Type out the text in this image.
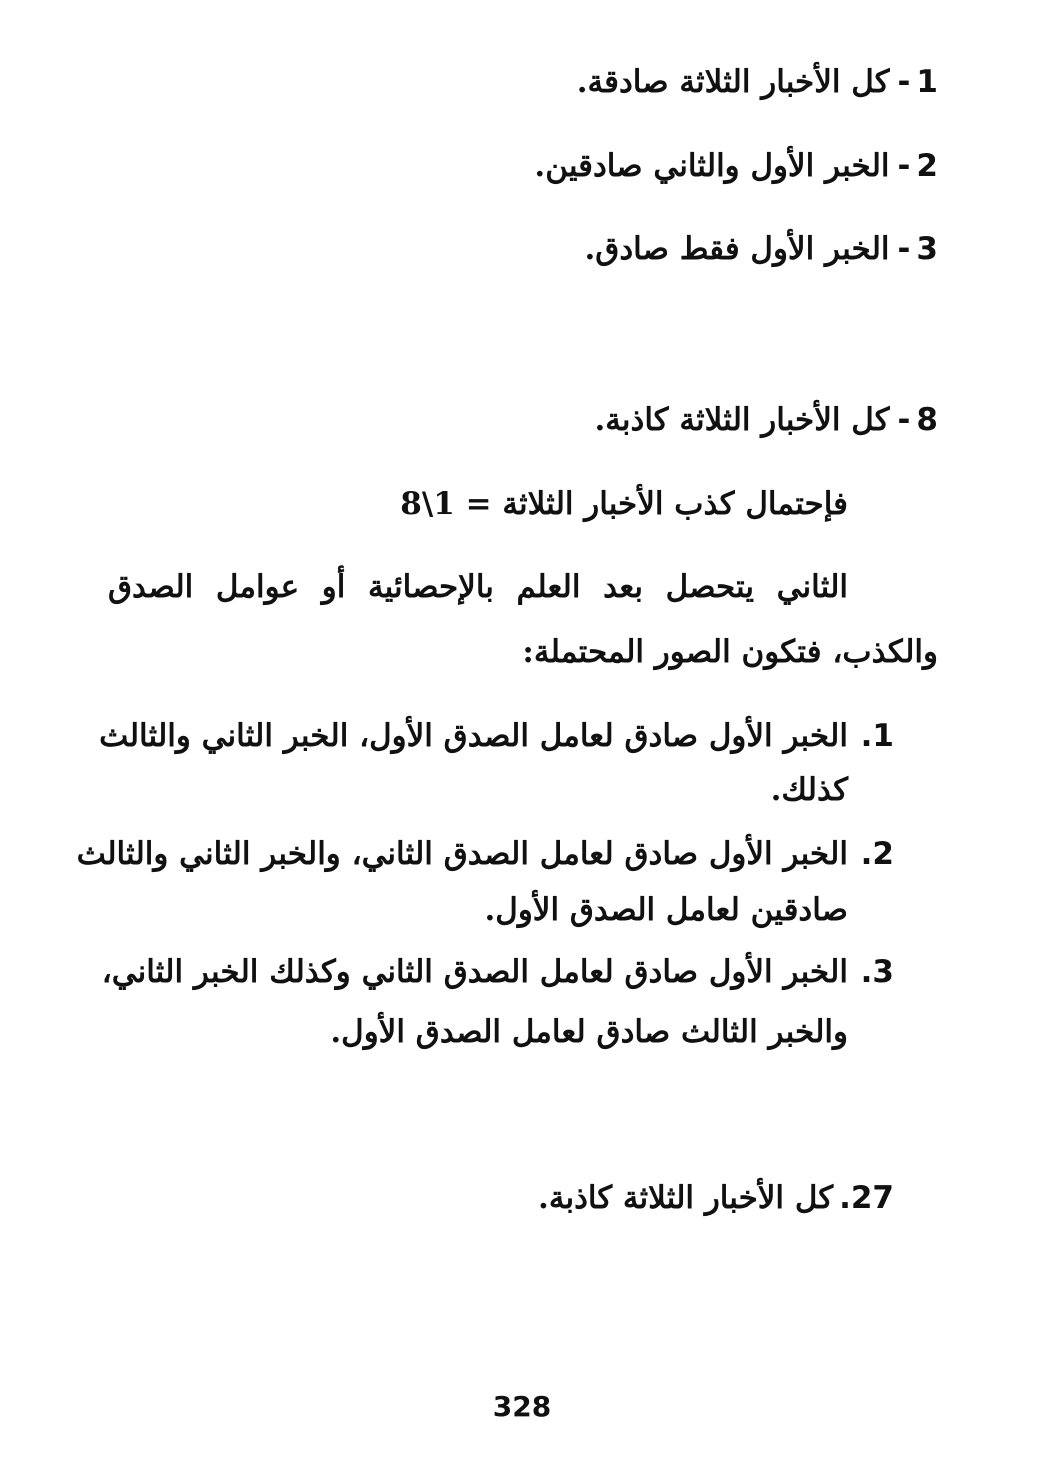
1-كل الأخبار الثلاثة صادقة.
2-الخبر الأول والثاني صادقين.
3-الخبر الأول فقط صادق.
8-كل الأخبار الثلاثة كاذبة.
فإحتمال كذب الأخبار الثلاثة = 1\8
الثاني يتحصل بعد العلم بالإحصائية أو عوامل الصدق
والكذب، فتكون الصور المحتملة:
1.
الخبر الأول صادق لعامل الصدق الأول، الخبر الثاني والثالث
كذلك.
2.
الخبر الأول صادق لعامل الصدق الثاني، والخبر الثاني والثالث
صادقين لعامل الصدق الأول.
3.
الخبر الأول صادق لعامل الصدق الثاني وكذلك الخبر الثاني،
والخبر الثالث صادق لعامل الصدق الأول.
27.كل الأخبار الثلاثة كاذبة.
328
